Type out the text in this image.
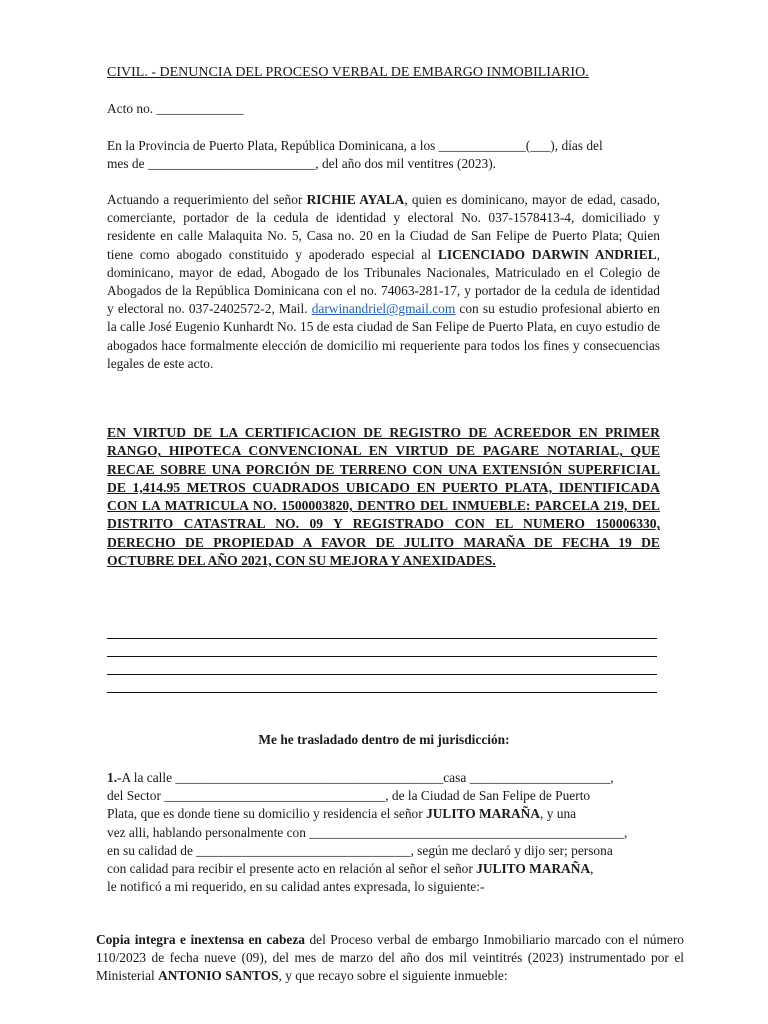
CIVIL. - DENUNCIA DEL PROCESO VERBAL DE EMBARGO INMOBILIARIO.
Acto no. _____________
En la Provincia de Puerto Plata, República Dominicana, a los _____________(___), días del
mes de _________________________, del año dos mil ventitres (2023).
Actuando a requerimiento del señor RICHIE AYALA, quien es dominicano, mayor de edad, casado, comerciante, portador de la cedula de identidad y electoral No. 037-1578413-4, domiciliado y residente en calle Malaquita No. 5, Casa no. 20 en la Ciudad de San Felipe de Puerto Plata; Quien tiene como abogado constituido y apoderado especial al LICENCIADO DARWIN ANDRIEL, dominicano, mayor de edad, Abogado de los Tribunales Nacionales, Matriculado en el Colegio de Abogados de la República Dominicana con el no. 74063-281-17, y portador de la cedula de identidad y electoral no. 037-2402572-2, Mail. darwinandriel@gmail.com con su estudio profesional abierto en la calle José Eugenio Kunhardt No. 15 de esta ciudad de San Felipe de Puerto Plata, en cuyo estudio de abogados hace formalmente elección de domicilio mi requeriente para todos los fines y consecuencias legales de este acto.
EN VIRTUD DE LA CERTIFICACION DE REGISTRO DE ACREEDOR EN PRIMER RANGO, HIPOTECA CONVENCIONAL EN VIRTUD DE PAGARE NOTARIAL, QUE RECAE SOBRE UNA PORCIÓN DE TERRENO CON UNA EXTENSIÓN SUPERFICIAL DE 1,414.95 METROS CUADRADOS UBICADO EN PUERTO PLATA, IDENTIFICADA CON LA MATRICULA NO. 1500003820, DENTRO DEL INMUEBLE: PARCELA 219, DEL DISTRITO CATASTRAL NO. 09 Y REGISTRADO CON EL NUMERO 150006330, DERECHO DE PROPIEDAD A FAVOR DE JULITO MARAÑA DE FECHA 19 DE OCTUBRE DEL AÑO 2021, CON SU MEJORA Y ANEXIDADES.
Me he trasladado dentro de mi jurisdicción:
1.-A la calle ________________________________________casa _____________________,
del Sector _________________________________, de la Ciudad de San Felipe de Puerto
Plata, que es donde tiene su domicilio y residencia el señor JULITO MARAÑA, y una
vez alli, hablando personalmente con _______________________________________________,
en su calidad de ________________________________, según me declaró y dijo ser; persona
con calidad para recibir el presente acto en relación al señor el señor JULITO MARAÑA,
le notificó a mi requerido, en su calidad antes expresada, lo siguiente:-
Copia integra e inextensa en cabeza del Proceso verbal de embargo Inmobiliario marcado con el número 110/2023 de fecha nueve (09), del mes de marzo del año dos mil veintitrés (2023) instrumentado por el Ministerial ANTONIO SANTOS, y que recayo sobre el siguiente inmueble:
